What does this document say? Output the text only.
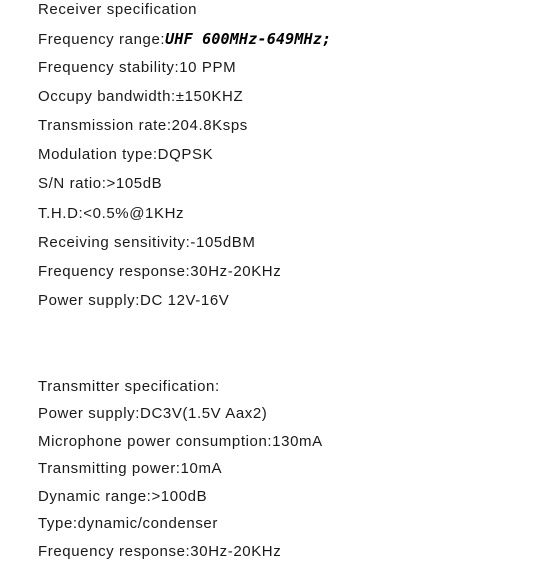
Receiver specification
Frequency range:UHF 600MHz-649MHz;
Frequency stability:10 PPM
Occupy bandwidth:±150KHZ
Transmission rate:204.8Ksps
Modulation type:DQPSK
S/N ratio:>105dB
T.H.D:<0.5%@1KHz
Receiving sensitivity:-105dBM
Frequency response:30Hz-20KHz
Power supply:DC 12V-16V
Transmitter specification:
Power supply:DC3V(1.5V Aax2)
Microphone power consumption:130mA
Transmitting power:10mA
Dynamic range:>100dB
Type:dynamic/condenser
Frequency response:30Hz-20KHz
